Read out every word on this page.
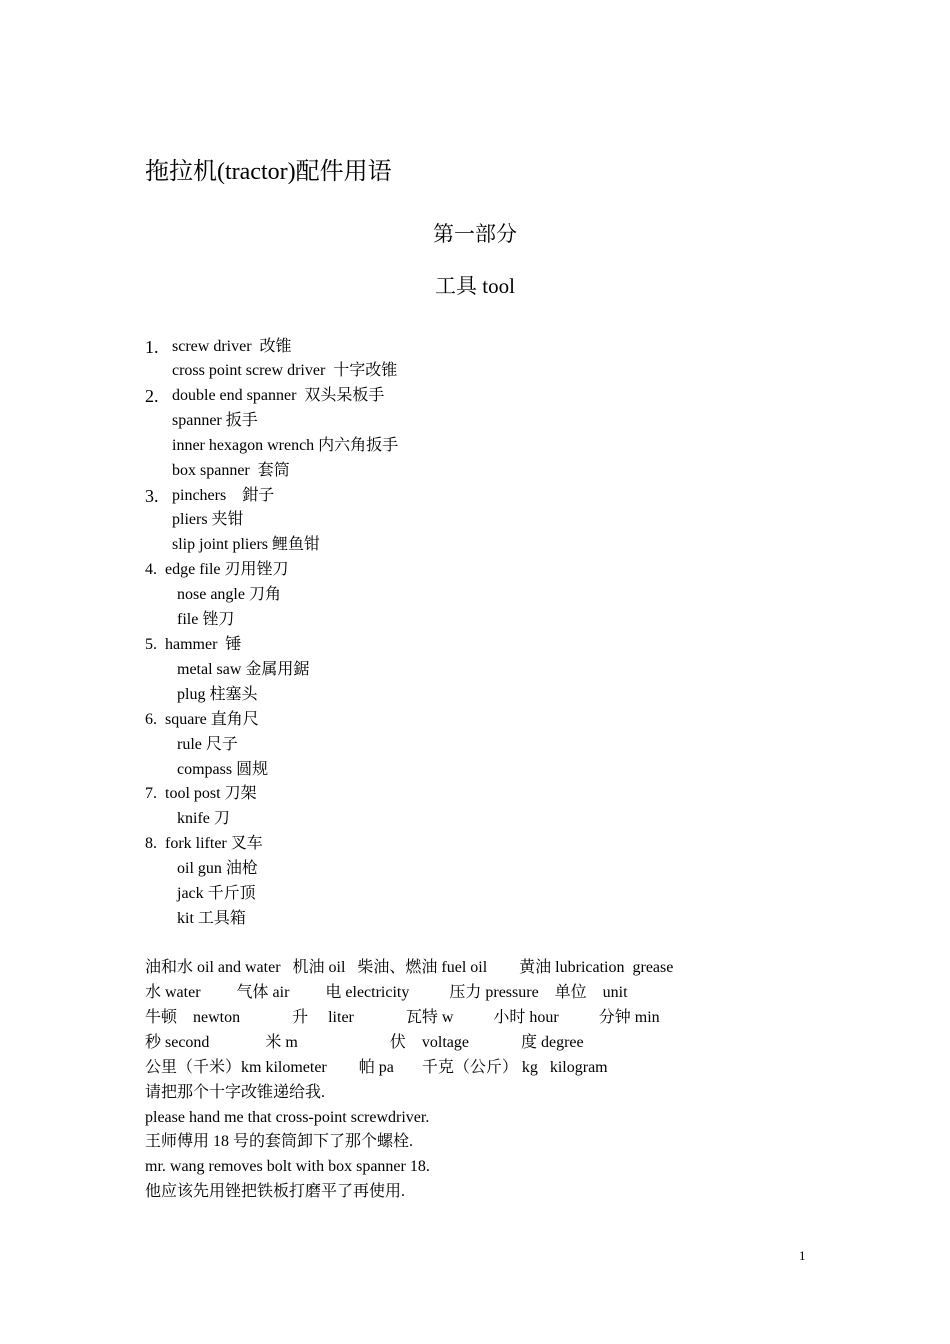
拖拉机(tractor)配件用语
第一部分
工具 tool
1. screw driver  改锥
cross point screw driver  十字改锥
2. double end spanner  双头呆板手
spanner 扳手
inner hexagon wrench 内六角扳手
box spanner  套筒
3. pinchers    鉗子
pliers 夹钳
slip joint pliers 鲤鱼钳
4.  edge file 刃用锉刀
nose angle 刀角
file 锉刀
5.  hammer  锤
metal saw 金属用鋸
plug 柱塞头
6.  square 直角尺
rule 尺子
compass 圆规
7.  tool post 刀架
knife 刀
8.  fork lifter 叉车
oil gun 油枪
jack 千斤顶
kit 工具箱
油和水 oil and water   机油 oil   柴油、燃油 fuel oil        黄油 lubrication  grease
水 water         气体 air         电 electricity          压力 pressure    单位    unit
牛顿    newton             升     liter             瓦特 w          小时 hour          分钟 min
秒 second              米 m                       伏    voltage             度 degree
公里（千米）km kilometer        帕 pa       千克（公斤） kg   kilogram
请把那个十字改锥递给我.
please hand me that cross-point screwdriver.
王师傅用 18 号的套筒卸下了那个螺栓.
mr. wang removes bolt with box spanner 18.
他应该先用锉把铁板打磨平了再使用.
1
